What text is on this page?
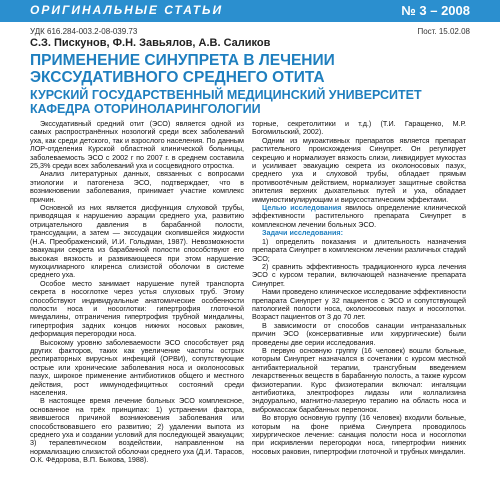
ОРИГИНАЛЬНЫЕ СТАТЬИ	№ 3 – 2008
УДК 616.284-003.2-08-039.73	Пост. 15.02.08
С.З. Пискунов, Ф.Н. Завьялов, А.В. Саликов
ПРИМЕНЕНИЕ СИНУПРЕТА В ЛЕЧЕНИИ ЭКССУДАТИВНОГО СРЕДНЕГО ОТИТА
КУРСКИЙ ГОСУДАРСТВЕННЫЙ МЕДИЦИНСКИЙ УНИВЕРСИТЕТ КАФЕДРА ОТОРИНОЛАРИНГОЛОГИИ

Экссудативный средний отит (ЭСО) является одной из самых распространённых нозологий среди всех заболеваний уха, как среди детского, так и взрослого населения. По данным ЛОР-отделения Курской областной клинической больницы, заболеваемость ЭСО с 2002 г по 2007 г. в среднем составила 25,3% среди всех заболеваний уха и сосцевидного отростка.

Анализ литературных данных, связанных с вопросами этиологии и патогенеза ЭСО, подтверждает, что в возникновении заболевания, принимает участие комплекс причин.

Основной из них является дисфункция слуховой трубы, приводящая к нарушению аэрации среднего уха, развитию отрицательного давления в барабанной полости, транссудации, а затем — экссудации скопившейся жидкости (Н.А. Преображенский, И.И. Гольдман, 1987). Невозможности эвакуации секрета из барабанной полости способствуют его высокая вязкость и развивающееся при этом нарушение мукоцилиарного клиренса слизистой оболочки в системе среднего уха.

Особое место занимает нарушение путей транспорта секрета в носоглотке через устья слуховых труб. Этому способствуют индивидуальные анатомические особенности полости носа и носоглотки: гипертрофия глоточной миндалины, отграничения гипертрофия трубной миндалины, гипертрофия задних концов нижних носовых раковин, деформация перегородки носа.

Высокому уровню заболеваемости ЭСО способствует ряд других факторов, таких как увеличение частоты острых респираторных вирусных инфекций (ОРВИ), сопутствующие острые или хронические заболевания носа и околоносовых пазух, широкое применение антибиотиков общего и местного действия, рост иммунодефицитных состояний среди населения.

В настоящее время лечение больных ЭСО комплексное, основанное на трёх принципах: 1) устранении фактора, явившегося причиной возникновения заболевания или способствовавшего его развитию; 2) удалении выпота из среднего уха и создании условий для последующей эвакуации; 3) терапевтическом воздействии, направленном на нормализацию слизистой оболочки среднего уха (Д.И. Тарасов, О.К. Фёдорова, В.П. Быкова, 1988).

торные, секретолитики и т.д.) (Т.И. Гаращенко, М.Р. Богомильский, 2002).

Одним из мукоактивных препаратов является препарат растительного происхождения Синупрет. Он регулирует секрецию и нормализует вязкость слизи, ликвидирует мукостаз и усиливает эвакуацию секрета из околоносовых пазух, среднего уха и слуховой трубы, обладает прямым противоотёчным действием, нормализует защитные свойства эпителия верхних дыхательных путей и уха, обладает иммуностимулирующим и вирусостатическим эффектами.

Целью исследования явилось определение клинической эффективности растительного препарата Синупрет в комплексном лечении больных ЭСО.

Задачи исследования:

1) определить показания и длительность назначения препарата Синупрет в комплексном лечении различных стадий ЭСО;

2) сравнить эффективность традиционного курса лечения ЭСО с курсом терапии, включающей назначение препарата Синупрет.

Нами проведено клиническое исследование эффективности препарата Синупрет у 32 пациентов с ЭСО и сопутствующей патологией полости носа, околоносовых пазух и носоглотки. Возраст пациентов от 3 до 70 лет.

В зависимости от способов санации интраназальных причин ЭСО (консервативные или хирургические) были проведены две серии исследования.

В первую основную группу (16 человек) вошли больные, которым Синупрет назначался в сочетании с курсом местной антибактериальной терапии, трансгубным введением лекарственных веществ в барабанную полость, а также курсом физиотерапии. Курс физиотерапии включал: ингаляции антибиотика, электрофорез лидазы или коллализина эндоурально, магнитно-лазерную терапию на область носа и вибромассаж барабанных перепонок.

Во вторую основную группу (16 человек) входили больные, которым на фоне приёма Синупрета проводилось хирургическое лечение: санация полости носа и носоглотки при искривлении перегородки носа, гипертрофии нижних носовых раковин, гипертрофии глоточной и трубных миндалин.
